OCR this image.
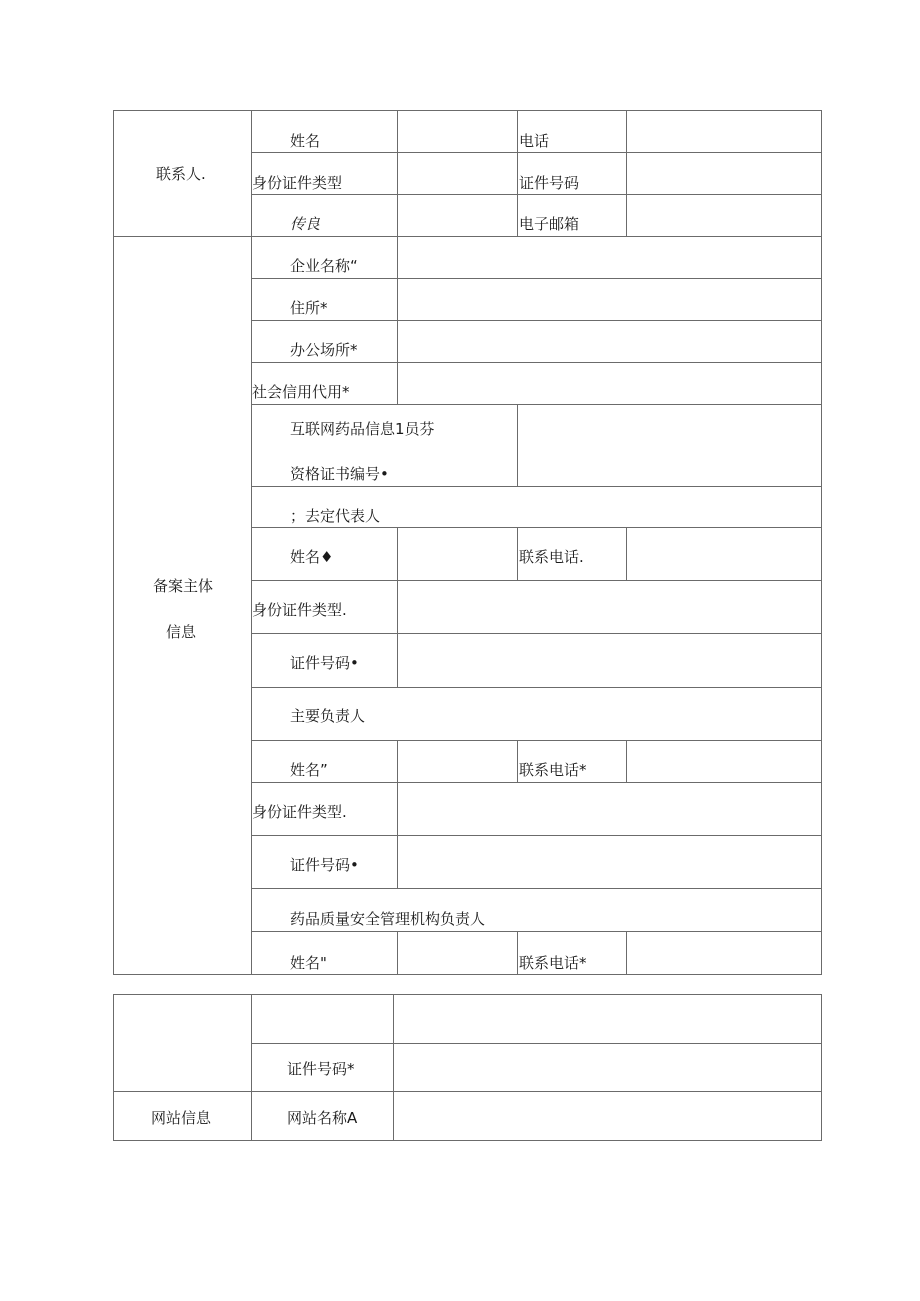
联系人.
姓名	电话
身份证件类型	证件号码
传良	电子邮箱
备案主体
信息
企业名称“
住所*
办公场所*
社会信用代用*
互联网药品信息1员芬
资格证书编号•
；去定代表人
姓名♦	联系电话.
身份证件类型.
证件号码•
主要负责人
姓名”	联系电话*
身份证件类型.
证件号码•
药品质量安全管理机构负责人
姓名"	联系电话*
证件号码*
网站信息	网站名称A
